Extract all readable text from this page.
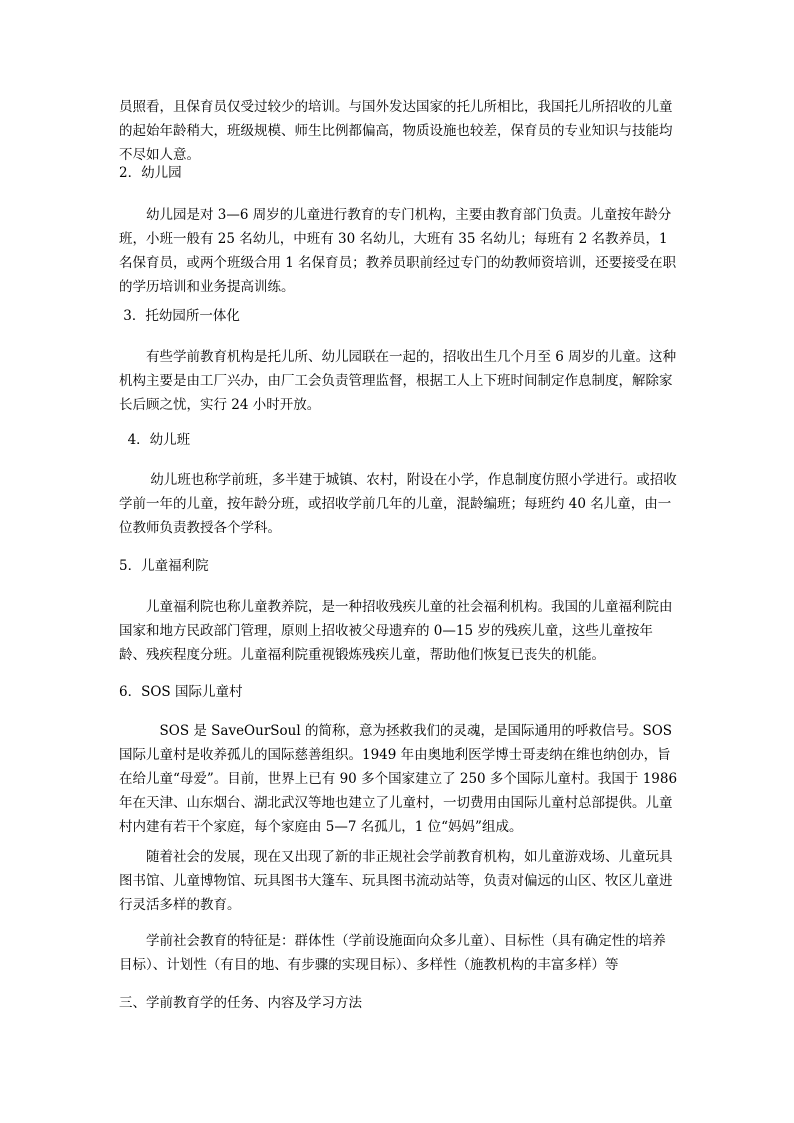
员照看，且保育员仅受过较少的培训。与国外发达国家的托儿所相比，我国托儿所招收的儿童的起始年龄稍大，班级规模、师生比例都偏高，物质设施也较差，保育员的专业知识与技能均不尽如人意。

2．幼儿园

　　幼儿园是对 3—6 周岁的儿童进行教育的专门机构，主要由教育部门负责。儿童按年龄分班，小班一般有 25 名幼儿，中班有 30 名幼儿，大班有 35 名幼儿；每班有 2 名教养员，1 名保育员，或两个班级合用 1 名保育员；教养员职前经过专门的幼教师资培训，还要接受在职的学历培训和业务提高训练。

3．托幼园所一体化

　　有些学前教育机构是托儿所、幼儿园联在一起的，招收出生几个月至 6 周岁的儿童。这种机构主要是由工厂兴办，由厂工会负责管理监督，根据工人上下班时间制定作息制度，解除家长后顾之忧，实行 24 小时开放。

4．幼儿班

　　 幼儿班也称学前班，多半建于城镇、农村，附设在小学，作息制度仿照小学进行。或招收学前一年的儿童，按年龄分班，或招收学前几年的儿童，混龄编班；每班约 40 名儿童，由一位教师负责教授各个学科。

5．儿童福利院

　　儿童福利院也称儿童教养院，是一种招收残疾儿童的社会福利机构。我国的儿童福利院由国家和地方民政部门管理，原则上招收被父母遗弃的 0—15 岁的残疾儿童，这些儿童按年龄、残疾程度分班。儿童福利院重视锻炼残疾儿童，帮助他们恢复已丧失的机能。

6．SOS 国际儿童村

　　　SOS 是 SaveOurSoul 的简称，意为拯救我们的灵魂，是国际通用的呼救信号。SOS 国际儿童村是收养孤儿的国际慈善组织。1949 年由奥地利医学博士哥麦纳在维也纳创办，旨在给儿童“母爱”。目前，世界上已有 90 多个国家建立了 250 多个国际儿童村。我国于 1986 年在天津、山东烟台、湖北武汉等地也建立了儿童村，一切费用由国际儿童村总部提供。儿童村内建有若干个家庭，每个家庭由 5—7 名孤儿，1 位“妈妈”组成。

　　随着社会的发展，现在又出现了新的非正规社会学前教育机构，如儿童游戏场、儿童玩具图书馆、儿童博物馆、玩具图书大篷车、玩具图书流动站等，负责对偏远的山区、牧区儿童进行灵活多样的教育。

　　学前社会教育的特征是：群体性（学前设施面向众多儿童）、目标性（具有确定性的培养目标）、计划性（有目的地、有步骤的实现目标）、多样性（施教机构的丰富多样）等

三、学前教育学的任务、内容及学习方法
